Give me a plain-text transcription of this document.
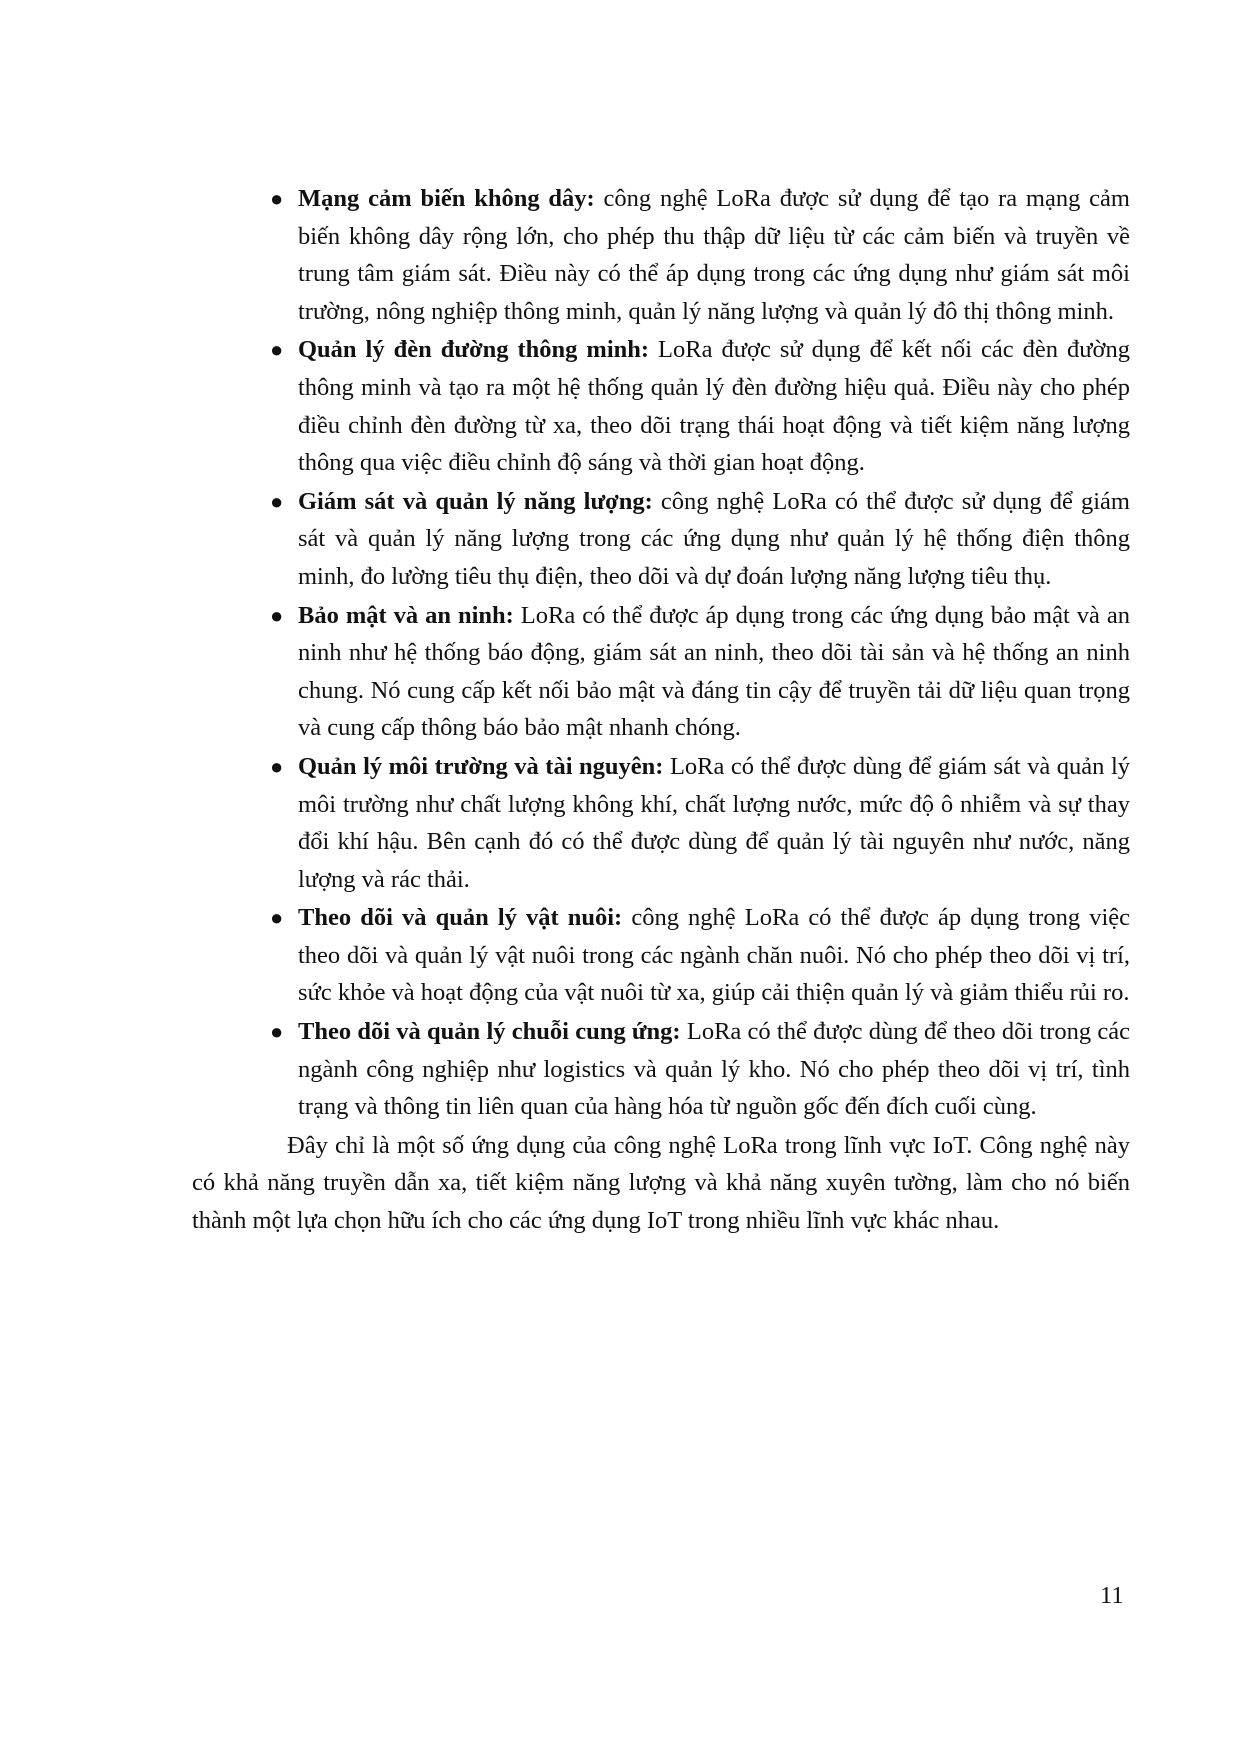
● Mạng cảm biến không dây: công nghệ LoRa được sử dụng để tạo ra mạng cảm biến không dây rộng lớn, cho phép thu thập dữ liệu từ các cảm biến và truyền về trung tâm giám sát. Điều này có thể áp dụng trong các ứng dụng như giám sát môi trường, nông nghiệp thông minh, quản lý năng lượng và quản lý đô thị thông minh.
● Quản lý đèn đường thông minh: LoRa được sử dụng để kết nối các đèn đường thông minh và tạo ra một hệ thống quản lý đèn đường hiệu quả. Điều này cho phép điều chỉnh đèn đường từ xa, theo dõi trạng thái hoạt động và tiết kiệm năng lượng thông qua việc điều chỉnh độ sáng và thời gian hoạt động.
● Giám sát và quản lý năng lượng: công nghệ LoRa có thể được sử dụng để giám sát và quản lý năng lượng trong các ứng dụng như quản lý hệ thống điện thông minh, đo lường tiêu thụ điện, theo dõi và dự đoán lượng năng lượng tiêu thụ.
● Bảo mật và an ninh: LoRa có thể được áp dụng trong các ứng dụng bảo mật và an ninh như hệ thống báo động, giám sát an ninh, theo dõi tài sản và hệ thống an ninh chung. Nó cung cấp kết nối bảo mật và đáng tin cậy để truyền tải dữ liệu quan trọng và cung cấp thông báo bảo mật nhanh chóng.
● Quản lý môi trường và tài nguyên: LoRa có thể được dùng để giám sát và quản lý môi trường như chất lượng không khí, chất lượng nước, mức độ ô nhiễm và sự thay đổi khí hậu. Bên cạnh đó có thể được dùng để quản lý tài nguyên như nước, năng lượng và rác thải.
● Theo dõi và quản lý vật nuôi: công nghệ LoRa có thể được áp dụng trong việc theo dõi và quản lý vật nuôi trong các ngành chăn nuôi. Nó cho phép theo dõi vị trí, sức khỏe và hoạt động của vật nuôi từ xa, giúp cải thiện quản lý và giảm thiểu rủi ro.
● Theo dõi và quản lý chuỗi cung ứng: LoRa có thể được dùng để theo dõi trong các ngành công nghiệp như logistics và quản lý kho. Nó cho phép theo dõi vị trí, tình trạng và thông tin liên quan của hàng hóa từ nguồn gốc đến đích cuối cùng.

Đây chỉ là một số ứng dụng của công nghệ LoRa trong lĩnh vực IoT. Công nghệ này có khả năng truyền dẫn xa, tiết kiệm năng lượng và khả năng xuyên tường, làm cho nó biến thành một lựa chọn hữu ích cho các ứng dụng IoT trong nhiều lĩnh vực khác nhau.

11
